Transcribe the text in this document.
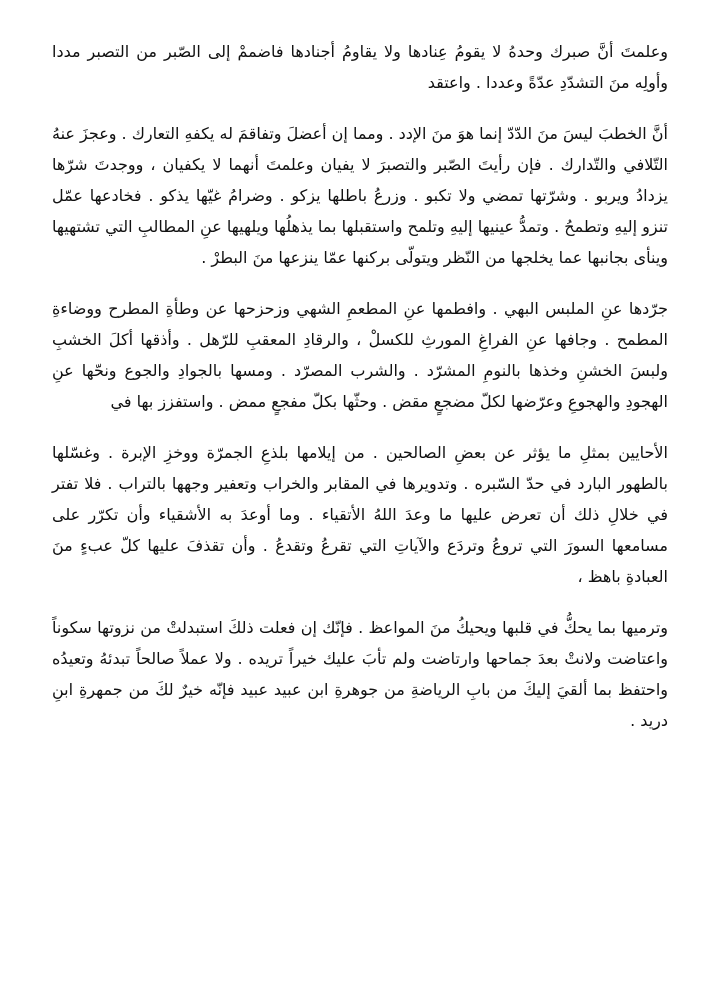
وعلمتَ أنَّ صبرك وحدهُ لا يقومُ عِنادها ولا يقاومُ أجنادها فاضممْ إلى الصّبر من التصبر مددا وأولِه منَ التشدّدِ عدّةً وعددا . واعتقد

أنَّ الخطبَ ليسَ منَ الدّدّ إنما هوَ منَ الإدد . ومما إن أعضلَ وتفاقمَ له يكفهِ التعارك . وعجزَ عنهُ التّلافي والتّدارك . فإن رأيتَ الصّبر والتصبرَ لا يفيان وعلمتَ أنهما لا يكفيان ، ووجدتَ شرّها يزدادُ ويربو . وشرّتها تمضي ولا تكبو . وزرعُ باطلها يزكو . وضرامُ غيّها يذكو . فخادعها عمّل تنزو إليهِ وتطمحُ . وتمدُّ عينيها إليهِ وتلمح واستقبلها بما يذهلُها ويلهيها عنِ المطالبِ التي تشتهيها وينأى بجانبها عما يخلجها من النّظر ويتولّى بركنها عمّا ينزعها منَ البطرْ .

جرّدها عنِ الملبس البهي . وافطمها عنِ المطعمِ الشهي وزحزحها عن وطأةِ المطرح ووضاءةِ المطمح . وجافها عنِ الفراغِ المورثِ للكسلْ ، والرقادِ المعقبِ للرّهل . وأذقها أكلَ الخشبِ ولبسَ الخشنِ وخذها بالنومِ المشرّد . والشرب المصرّد . ومسها بالجوادِ والجوع ونحّها عنِ الهجودِ والهجوعِ وعرّضها لكلّ مضجعٍ مقض . وحثّها بكلّ مفجعٍ ممض . واستفزز بها في

الأحايين بمثلِ ما يؤثر عن بعضِ الصالحين . من إيلامها بلذعِ الجمرّة ووخزِ الإبرة . وغسّلها بالطهور البارد في حدّ السّبره . وتدويرها في المقابر والخراب وتعفير وجهها بالتراب . فلا تفتر في خلالِ ذلك أن تعرض عليها ما وعدَ اللهُ الأتقياء . وما أوعدَ به الأشقياء وأن تكرّر على مسامعها السورَ التي تروعُ وتردَع والآياتِ التي تقرعُ وتقدعُ . وأن تقذفَ عليها كلّ عبءٍ منَ العبادةِ باهظ ،

وترميها بما يحكُّ في قلبها ويحيكُ منَ المواعظ . فإنّك إن فعلت ذلكَ استبدلتْ من نزوتها سكوناً واعتاضت ولانتْ بعدَ جماحها وارتاضت ولم تأبَ عليك خيراً تريده . ولا عملاً صالحاً تبدئهُ وتعيدُه واحتفظ بما ألقيَ إليكَ من بابِ الرياضةِ من جوهرةِ ابن عبيد عبيد فإنّه خيرٌ لكَ من جمهرةِ ابنِ دريد .
